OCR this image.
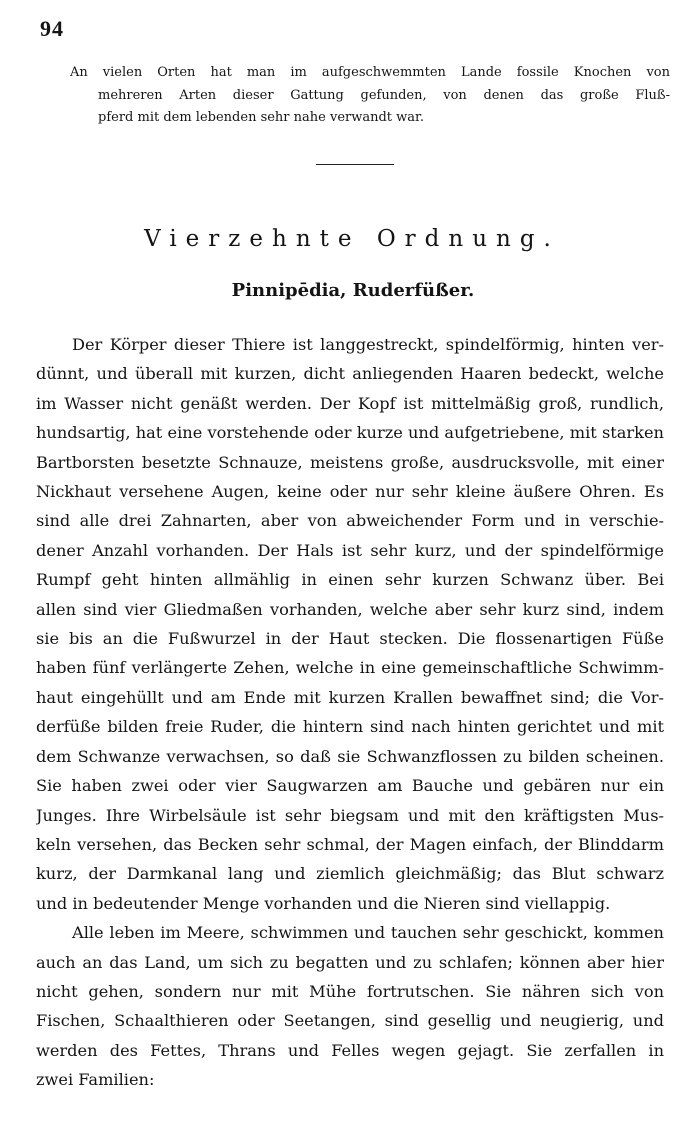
94
An vielen Orten hat man im aufgeschwemmten Lande fossile Knochen von
mehreren Arten dieser Gattung gefunden, von denen das große Fluß-
pferd mit dem lebenden sehr nahe verwandt war.
Vierzehnte Ordnung.
Pinnipēdia, Ruderfüßer.
Der Körper dieser Thiere ist langgestreckt, spindelförmig, hinten ver-
dünnt, und überall mit kurzen, dicht anliegenden Haaren bedeckt, welche
im Wasser nicht genäßt werden. Der Kopf ist mittelmäßig groß, rundlich,
hundsartig, hat eine vorstehende oder kurze und aufgetriebene, mit starken
Bartborsten besetzte Schnauze, meistens große, ausdrucksvolle, mit einer
Nickhaut versehene Augen, keine oder nur sehr kleine äußere Ohren. Es
sind alle drei Zahnarten, aber von abweichender Form und in verschie-
dener Anzahl vorhanden. Der Hals ist sehr kurz, und der spindelförmige
Rumpf geht hinten allmählig in einen sehr kurzen Schwanz über. Bei
allen sind vier Gliedmaßen vorhanden, welche aber sehr kurz sind, indem
sie bis an die Fußwurzel in der Haut stecken. Die flossenartigen Füße
haben fünf verlängerte Zehen, welche in eine gemeinschaftliche Schwimm-
haut eingehüllt und am Ende mit kurzen Krallen bewaffnet sind; die Vor-
derfüße bilden freie Ruder, die hintern sind nach hinten gerichtet und mit
dem Schwanze verwachsen, so daß sie Schwanzflossen zu bilden scheinen.
Sie haben zwei oder vier Saugwarzen am Bauche und gebären nur ein
Junges. Ihre Wirbelsäule ist sehr biegsam und mit den kräftigsten Mus-
keln versehen, das Becken sehr schmal, der Magen einfach, der Blinddarm
kurz, der Darmkanal lang und ziemlich gleichmäßig; das Blut schwarz
und in bedeutender Menge vorhanden und die Nieren sind viellappig.
Alle leben im Meere, schwimmen und tauchen sehr geschickt, kommen
auch an das Land, um sich zu begatten und zu schlafen; können aber hier
nicht gehen, sondern nur mit Mühe fortrutschen. Sie nähren sich von
Fischen, Schaalthieren oder Seetangen, sind gesellig und neugierig, und
werden des Fettes, Thrans und Felles wegen gejagt. Sie zerfallen in
zwei Familien:
